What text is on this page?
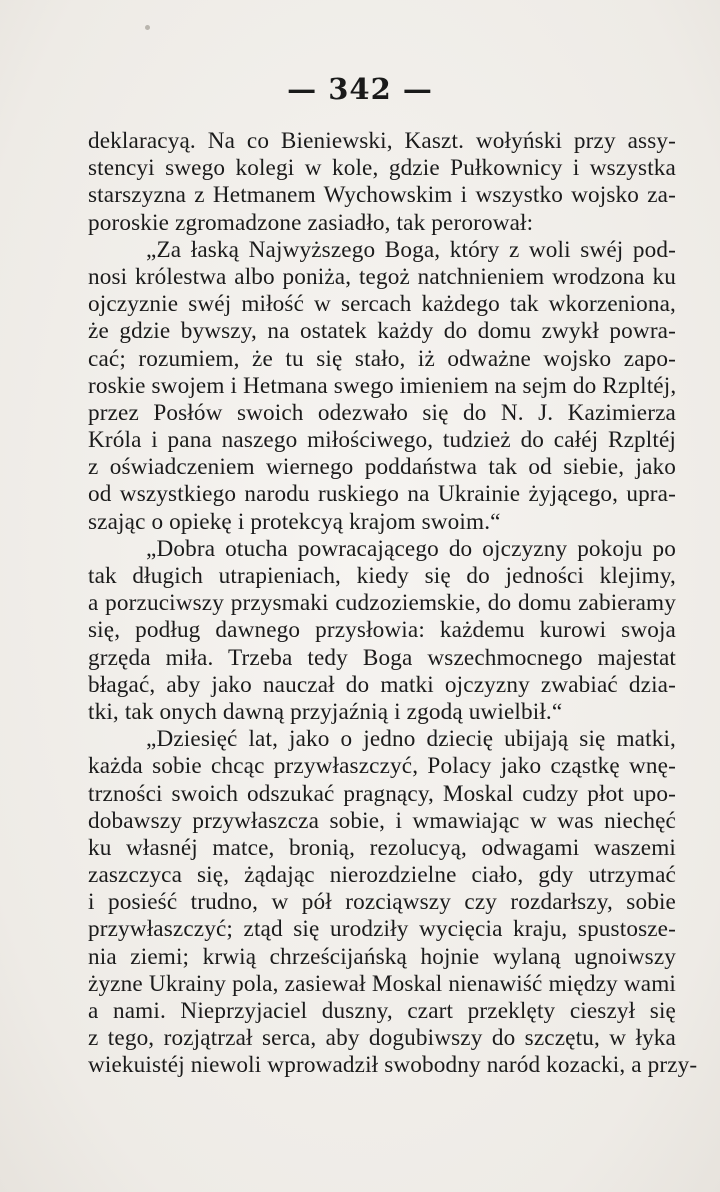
— 342 —
deklaracyą. Na co Bieniewski, Kaszt. wołyński przy assy-
stencyi swego kolegi w kole, gdzie Pułkownicy i wszystka
starszyzna z Hetmanem Wychowskim i wszystko wojsko za-
poroskie zgromadzone zasiadło, tak perorował:
„Za łaską Najwyższego Boga, który z woli swéj pod-
nosi królestwa albo poniża, tegoż natchnieniem wrodzona ku
ojczyznie swéj miłość w sercach każdego tak wkorzeniona,
że gdzie bywszy, na ostatek każdy do domu zwykł powra-
cać; rozumiem, że tu się stało, iż odważne wojsko zapo-
roskie swojem i Hetmana swego imieniem na sejm do Rzpltéj,
przez Posłów swoich odezwało się do N. J. Kazimierza
Króla i pana naszego miłościwego, tudzież do całéj Rzpltéj
z oświadczeniem wiernego poddaństwa tak od siebie, jako
od wszystkiego narodu ruskiego na Ukrainie żyjącego, upra-
szając o opiekę i protekcyą krajom swoim.“
„Dobra otucha powracającego do ojczyzny pokoju po
tak długich utrapieniach, kiedy się do jedności klejimy,
a porzuciwszy przysmaki cudzoziemskie, do domu zabieramy
się, podług dawnego przysłowia: każdemu kurowi swoja
grzęda miła. Trzeba tedy Boga wszechmocnego majestat
błagać, aby jako nauczał do matki ojczyzny zwabiać dzia-
tki, tak onych dawną przyjaźnią i zgodą uwielbił.“
„Dziesięć lat, jako o jedno dziecię ubijają się matki,
każda sobie chcąc przywłaszczyć, Polacy jako cząstkę wnę-
trzności swoich odszukać pragnący, Moskal cudzy płot upo-
dobawszy przywłaszcza sobie, i wmawiając w was niechęć
ku własnéj matce, bronią, rezolucyą, odwagami waszemi
zaszczyca się, żądając nierozdzielne ciało, gdy utrzymać
i posieść trudno, w pół rozciąwszy czy rozdarłszy, sobie
przywłaszczyć; ztąd się urodziły wycięcia kraju, spustosze-
nia ziemi; krwią chrześcijańską hojnie wylaną ugnoiwszy
żyzne Ukrainy pola, zasiewał Moskal nienawiść między wami
a nami. Nieprzyjaciel duszny, czart przeklęty cieszył się
z tego, rozjątrzał serca, aby dogubiwszy do szczętu, w łyka
wiekuistéj niewoli wprowadził swobodny naród kozacki, a przy-
